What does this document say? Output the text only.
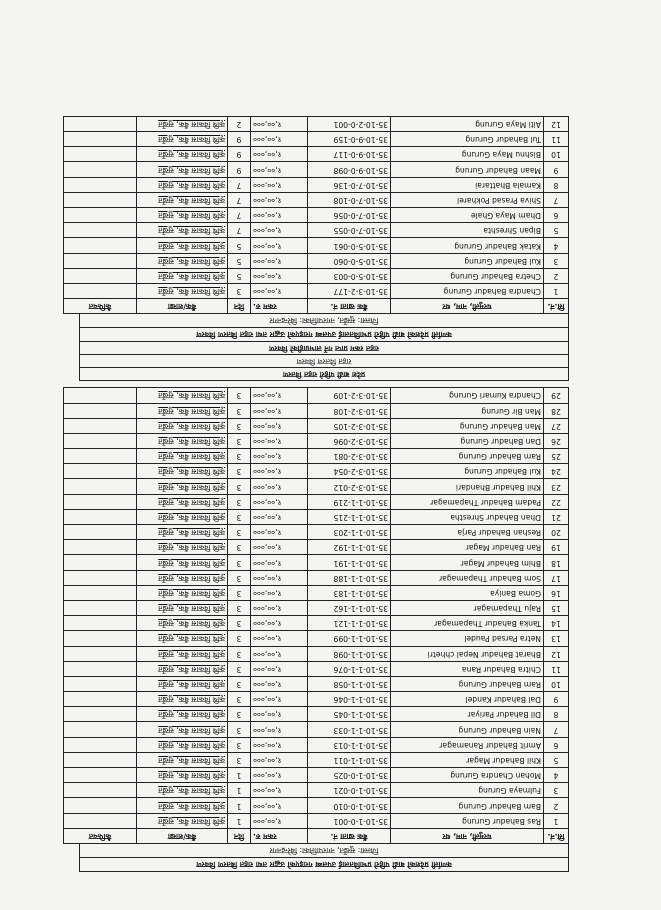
कर्णाली प्रदेशको बाढी पहिरो प्रभावितलाई उपलब्ध गराइएको उद्धार तथा राहत बितरण विवरण
जिल्ला: सुर्खेत, नगरपालिका: बिरेन्द्रनगर
सि.नं.	घरमुली, नाम, थर	बैंक खाता नं.	रकम रु.	दिन	बैंक/शाखा	कैफियत
1	Ras Bahadur Gurung	35-10-1-0-001	१,००,०००	1	कृषि विकास बैंक, सुर्खेत	
2	Bam Bahadur Gurung	35-10-1-0-010	१,००,०००	1	कृषि विकास बैंक, सुर्खेत	
3	Fulmaya Gurung	35-10-1-0-021	१,००,०००	1	कृषि विकास बैंक, सुर्खेत	
4	Mohan Chandra Gurung	35-10-1-0-025	१,००,०००	1	कृषि विकास बैंक, सुर्खेत	
5	Khil Bahadur Magar	35-10-1-1-011	१,००,०००	3	कृषि विकास बैंक, सुर्खेत	
6	Amrit Bahadur Ranamagar	35-10-1-1-013	१,००,०००	3	कृषि विकास बैंक, सुर्खेत	
7	Nain Bahadur Gurung	35-10-1-1-033	१,००,०००	3	कृषि विकास बैंक, सुर्खेत	
8	Dil Bahadur Pariyar	35-10-1-1-045	१,००,०००	3	कृषि विकास बैंक, सुर्खेत	
9	Dal Bahadur Kandel	35-10-1-1-046	१,००,०००	3	कृषि विकास बैंक, सुर्खेत	
10	Ram Bahadur Gurung	35-10-1-1-058	१,००,०००	3	कृषि विकास बैंक, सुर्खेत	
11	Chitra Bahadur Rana	35-10-1-1-076	१,००,०००	3	कृषि विकास बैंक, सुर्खेत	
12	Bharat Bahadur Nepal chhetri	35-10-1-1-098	१,००,०००	3	कृषि विकास बैंक, सुर्खेत	
13	Netra Parsad Paudel	35-10-1-1-099	१,००,०००	3	कृषि विकास बैंक, सुर्खेत	
14	Tanka Bahadur Thapamagar	35-10-1-1-121	१,००,०००	3	कृषि विकास बैंक, सुर्खेत	
15	Raju Thapamagar	35-10-1-1-162	१,००,०००	3	कृषि विकास बैंक, सुर्खेत	
16	Goma Baniya	35-10-1-1-183	१,००,०००	3	कृषि विकास बैंक, सुर्खेत	
17	Som Bahadur Thapamagar	35-10-1-1-188	१,००,०००	3	कृषि विकास बैंक, सुर्खेत	
18	Bhim Bahadur Magar	35-10-1-1-191	१,००,०००	3	कृषि विकास बैंक, सुर्खेत	
19	Ran Bahadur Magar	35-10-1-1-192	१,००,०००	3	कृषि विकास बैंक, सुर्खेत	
20	Reshan Bahadur Parja	35-10-1-1-203	१,००,०००	3	कृषि विकास बैंक, सुर्खेत	
21	Dhan Bahadur Shrestha	35-10-1-1-215	१,००,०००	3	कृषि विकास बैंक, सुर्खेत	
22	Padam Bahadur Thapamagar	35-10-1-1-219	१,००,०००	3	कृषि विकास बैंक, सुर्खेत	
23	Khil Bahadur Bhandari	35-10-3-2-012	१,००,०००	3	कृषि विकास बैंक, सुर्खेत	
24	Kul Bahadur Gurung	35-10-3-2-054	१,००,०००	3	कृषि विकास बैंक, सुर्खेत	
25	Ram Bahadur Gurung	35-10-3-2-081	१,००,०००	3	कृषि विकास बैंक, सुर्खेत	
26	Dan Bahadur Gurung	35-10-3-2-096	१,००,०००	3	कृषि विकास बैंक, सुर्खेत	
27	Man Bahadur Gurung	35-10-3-2-105	१,००,०००	3	कृषि विकास बैंक, सुर्खेत	
28	Man Bir Gurung	35-10-3-2-108	१,००,०००	3	कृषि विकास बैंक, सुर्खेत	
29	Chandra Kumari Gurung	35-10-3-2-109	१,००,०००	3	कृषि विकास बैंक, सुर्खेत	
प्रदेश बाढी पहिरो राहत वितरण
राहत वितरण विवरण
राहत रकम प्राप्त गर्ने लाभग्राहीको विवरण
कर्णाली प्रदेशको बाढी पहिरो प्रभावितलाई उपलब्ध गराइएको उद्धार तथा राहत बितरण विवरण
जिल्ला: सुर्खेत, नगरपालिका: बिरेन्द्रनगर
सि.नं.	घरमुली, नाम, थर	बैंक खाता नं.	रकम रु.	दिन	बैंक/शाखा	कैफियत
1	Chandra Bahadur Gurung	35-10-3-2-177	१,००,०००	3	कृषि विकास बैंक, सुर्खेत	
2	Chetra Bahadur Gurung	35-10-5-0-003	१,००,०००	5	कृषि विकास बैंक, सुर्खेत	
3	Kul Bahadur Gurung	35-10-5-0-060	१,००,०००	5	कृषि विकास बैंक, सुर्खेत	
4	Katak Bahadur Gurung	35-10-5-0-061	१,००,०००	5	कृषि विकास बैंक, सुर्खेत	
5	Bipan Shreshta	35-10-7-0-055	१,००,०००	7	कृषि विकास बैंक, सुर्खेत	
6	Dham Maya Ghale	35-10-7-0-056	१,००,०००	7	कृषि विकास बैंक, सुर्खेत	
7	Shiva Prasad Pokharel	35-10-7-0-108	१,००,०००	7	कृषि विकास बैंक, सुर्खेत	
8	Kamala Bhattarai	35-10-7-0-136	१,००,०००	7	कृषि विकास बैंक, सुर्खेत	
9	Maan Bahadur Gurung	35-10-9-0-098	१,००,०००	9	कृषि विकास बैंक, सुर्खेत	
10	Bishnu Maya Gurung	35-10-9-0-117	१,००,०००	9	कृषि विकास बैंक, सुर्खेत	
11	Tul Bahadur Gurung	35-10-9-0-159	१,००,०००	9	कृषि विकास बैंक, सुर्खेत	
12	Aiti Maya Gurung	35-10-2-0-001	१,००,०००	2	कृषि विकास बैंक, सुर्खेत	
